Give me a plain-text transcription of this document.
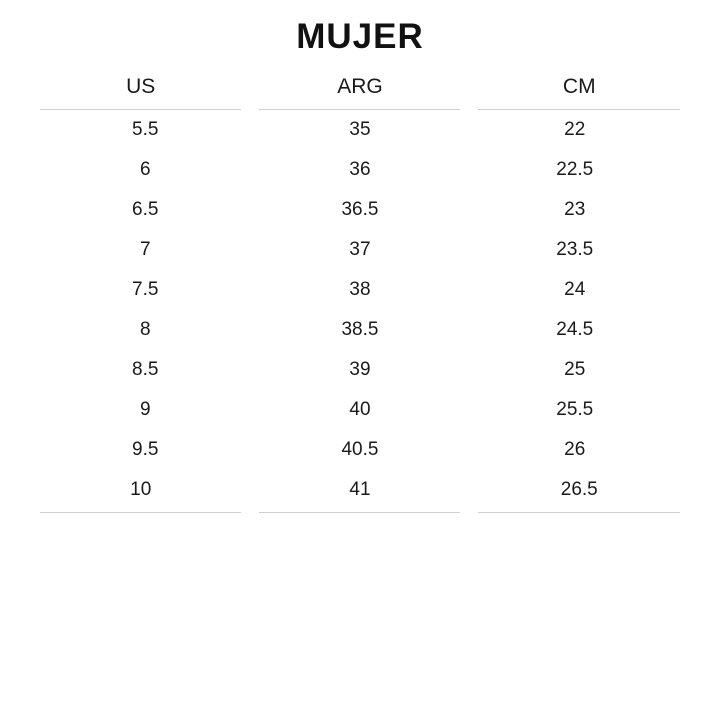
MUJER
US	ARG	CM
5.5	35	22
6	36	22.5
6.5	36.5	23
7	37	23.5
7.5	38	24
8	38.5	24.5
8.5	39	25
9	40	25.5
9.5	40.5	26
10	41	26.5
